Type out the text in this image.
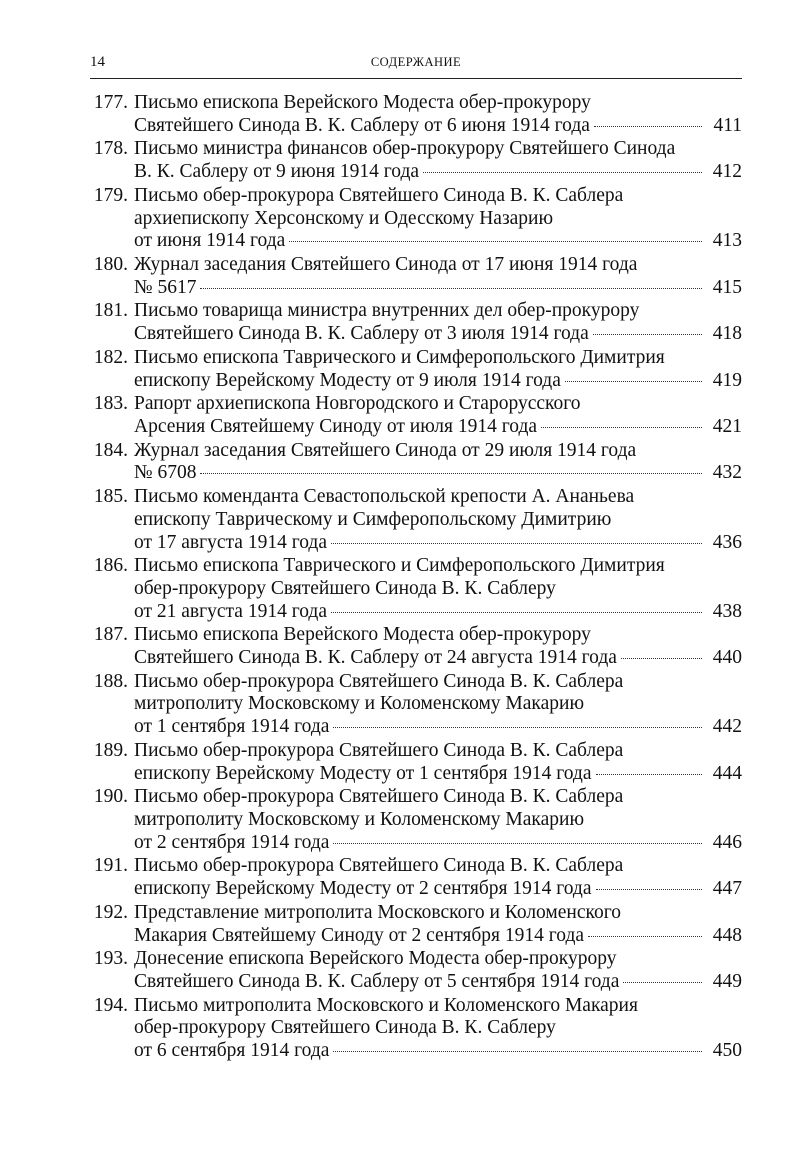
14	СОДЕРЖАНИЕ
177. Письмо епископа Верейского Модеста обер-прокурору
Святейшего Синода В. К. Саблеру от 6 июня 1914 года	411
178. Письмо министра финансов обер-прокурору Святейшего Синода
В. К. Саблеру от 9 июня 1914 года	412
179. Письмо обер-прокурора Святейшего Синода В. К. Саблера
архиепископу Херсонскому и Одесскому Назарию
от июня 1914 года	413
180. Журнал заседания Святейшего Синода от 17 июня 1914 года
№ 5617	415
181. Письмо товарища министра внутренних дел обер-прокурору
Святейшего Синода В. К. Саблеру от 3 июля 1914 года	418
182. Письмо епископа Таврического и Симферопольского Димитрия
епископу Верейскому Модесту от 9 июля 1914 года	419
183. Рапорт архиепископа Новгородского и Старорусского
Арсения Святейшему Синоду от июля 1914 года	421
184. Журнал заседания Святейшего Синода от 29 июля 1914 года
№ 6708	432
185. Письмо коменданта Севастопольской крепости А. Ананьева
епископу Таврическому и Симферопольскому Димитрию
от 17 августа 1914 года	436
186. Письмо епископа Таврического и Симферопольского Димитрия
обер-прокурору Святейшего Синода В. К. Саблеру
от 21 августа 1914 года	438
187. Письмо епископа Верейского Модеста обер-прокурору
Святейшего Синода В. К. Саблеру от 24 августа 1914 года	440
188. Письмо обер-прокурора Святейшего Синода В. К. Саблера
митрополиту Московскому и Коломенскому Макарию
от 1 сентября 1914 года	442
189. Письмо обер-прокурора Святейшего Синода В. К. Саблера
епископу Верейскому Модесту от 1 сентября 1914 года	444
190. Письмо обер-прокурора Святейшего Синода В. К. Саблера
митрополиту Московскому и Коломенскому Макарию
от 2 сентября 1914 года	446
191. Письмо обер-прокурора Святейшего Синода В. К. Саблера
епископу Верейскому Модесту от 2 сентября 1914 года	447
192. Представление митрополита Московского и Коломенского
Макария Святейшему Синоду от 2 сентября 1914 года	448
193. Донесение епископа Верейского Модеста обер-прокурору
Святейшего Синода В. К. Саблеру от 5 сентября 1914 года	449
194. Письмо митрополита Московского и Коломенского Макария
обер-прокурору Святейшего Синода В. К. Саблеру
от 6 сентября 1914 года	450
